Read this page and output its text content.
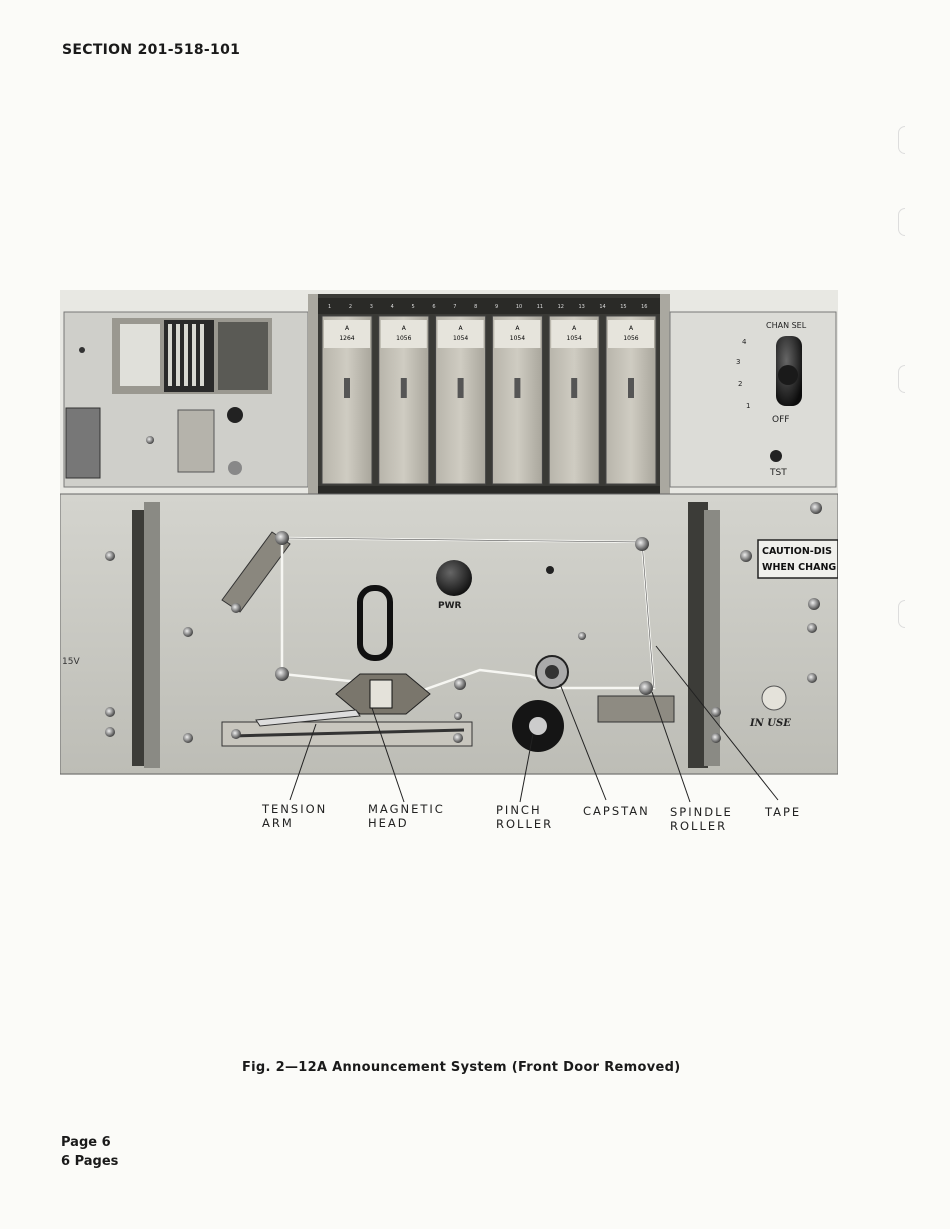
SECTION 201-518-101
1	2	3	4	5	6	7	8	9	10	11	12	13	14	15	16
A
1264
A
1056
A
1054
A
1054
A
1054
A
1056
CHAN SEL
4
3
2
1
OFF
TST
PWR
CAUTION-DIS
WHEN CHANG
IN USE
15V
TENSION
ARM
MAGNETIC
HEAD
PINCH
ROLLER
CAPSTAN SPINDLE
ROLLER
TAPE
Fig. 2—12A Announcement System (Front Door Removed)
Page 6
6 Pages
